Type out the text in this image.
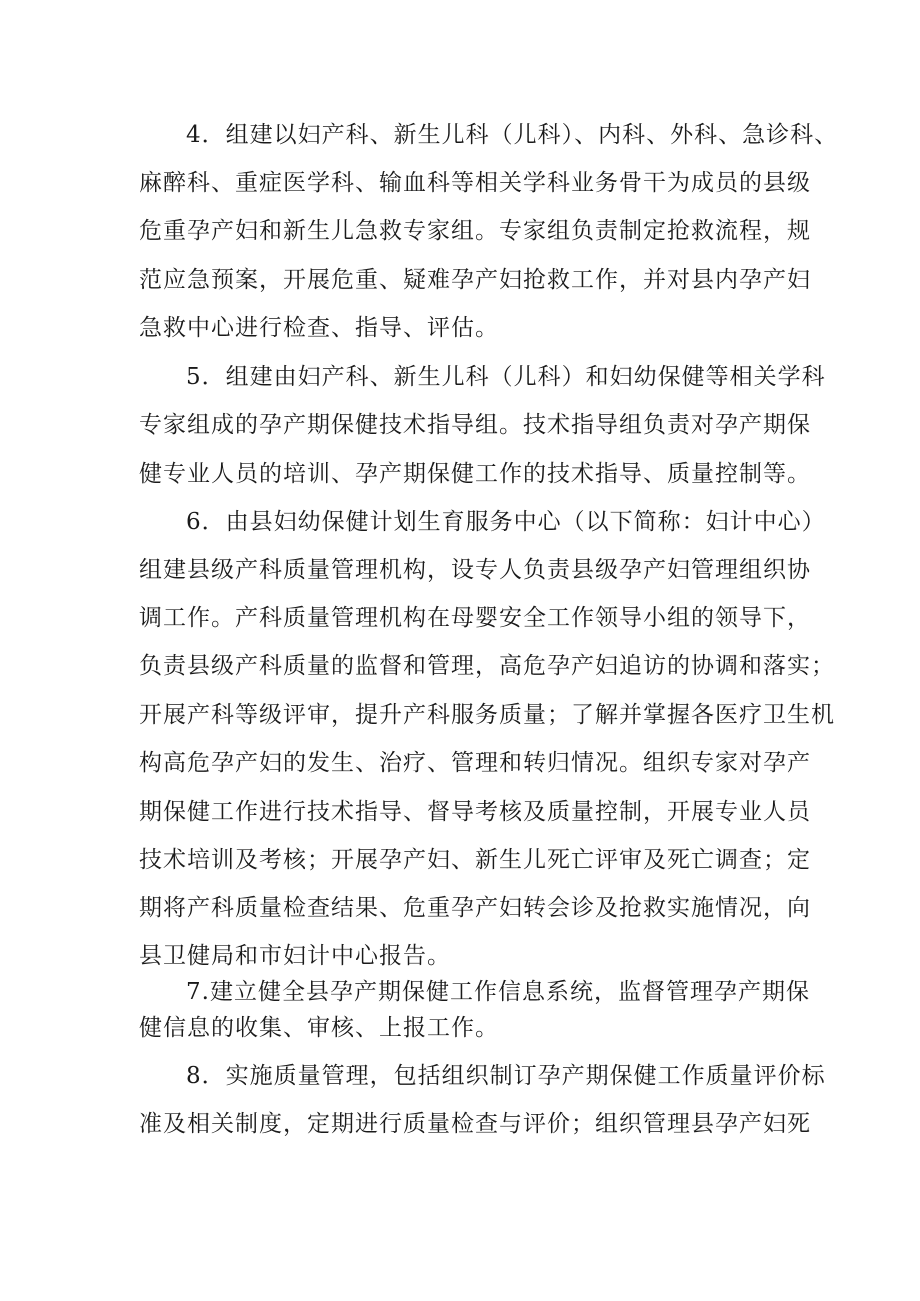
4．组建以妇产科、新生儿科（儿科）、内科、外科、急诊科、
麻醉科、重症医学科、输血科等相关学科业务骨干为成员的县级
危重孕产妇和新生儿急救专家组。专家组负责制定抢救流程，规
范应急预案，开展危重、疑难孕产妇抢救工作，并对县内孕产妇
急救中心进行检查、指导、评估。
5．组建由妇产科、新生儿科（儿科）和妇幼保健等相关学科
专家组成的孕产期保健技术指导组。技术指导组负责对孕产期保
健专业人员的培训、孕产期保健工作的技术指导、质量控制等。
6．由县妇幼保健计划生育服务中心（以下简称：妇计中心）
组建县级产科质量管理机构，设专人负责县级孕产妇管理组织协
调工作。产科质量管理机构在母婴安全工作领导小组的领导下，
负责县级产科质量的监督和管理，高危孕产妇追访的协调和落实；
开展产科等级评审，提升产科服务质量；了解并掌握各医疗卫生机
构高危孕产妇的发生、治疗、管理和转归情况。组织专家对孕产
期保健工作进行技术指导、督导考核及质量控制，开展专业人员
技术培训及考核；开展孕产妇、新生儿死亡评审及死亡调查；定
期将产科质量检查结果、危重孕产妇转会诊及抢救实施情况，向
县卫健局和市妇计中心报告。
7.建立健全县孕产期保健工作信息系统，监督管理孕产期保
健信息的收集、审核、上报工作。
8．实施质量管理，包括组织制订孕产期保健工作质量评价标
准及相关制度，定期进行质量检查与评价；组织管理县孕产妇死
